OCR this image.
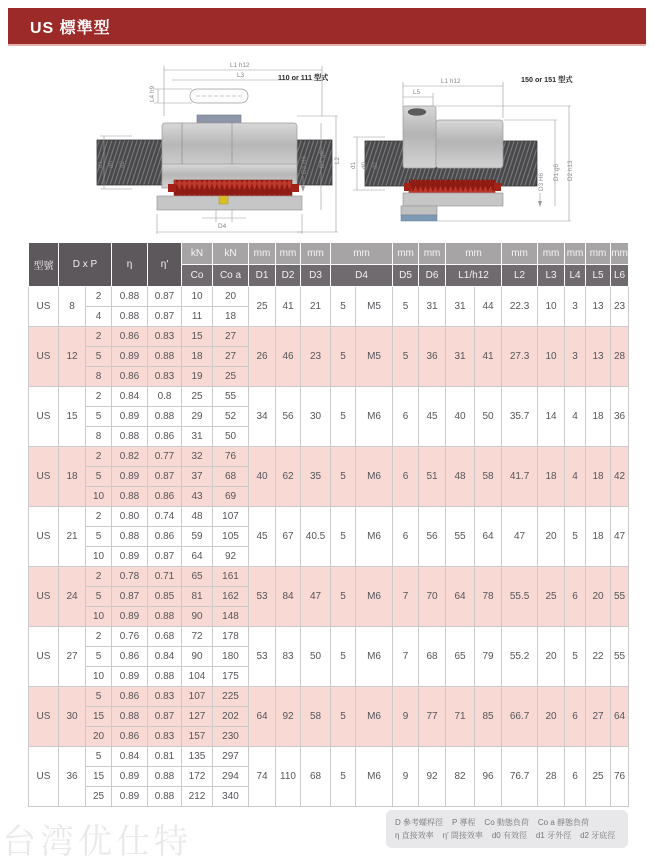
US 標準型
L1 h12
L3
L4 h9
D4
d1 d0 d2	D3 H6 D1 g6 L2
110 or 111 型式	L1 h12
L5
d1 d0 d2
D3 H6
D1 g6 D2 h13
150 or 151 型式
型號	D x P		η	η′	kN	kN	mm	mm	mm	mm		mm	mm	mm		mm	mm	mm	mm	mm
					Co	Co a	D1	D2	D3	D4		D5	D6	L1/h12		L2	L3	L4	L5	L6
US	8	2	0.88	0.87	10	20	25	41	21	5	M5	5	31	31	44	22.3	10	3	13	23
		4	0.88	0.87	11	18														
US	12	2	0.86	0.83	15	27	26	46	23	5	M5	5	36	31	41	27.3	10	3	13	28
		5	0.89	0.88	18	27														
		8	0.86	0.83	19	25														
US	15	2	0.84	0.8	25	55	34	56	30	5	M6	6	45	40	50	35.7	14	4	18	36
		5	0.89	0.88	29	52														
		8	0.88	0.86	31	50														
US	18	2	0.82	0.77	32	76	40	62	35	5	M6	6	51	48	58	41.7	18	4	18	42
		5	0.89	0.87	37	68														
		10	0.88	0.86	43	69														
US	21	2	0.80	0.74	48	107	45	67	40.5	5	M6	6	56	55	64	47	20	5	18	47
		5	0.88	0.86	59	105														
		10	0.89	0.87	64	92														
US	24	2	0.78	0.71	65	161	53	84	47	5	M6	7	70	64	78	55.5	25	6	20	55
		5	0.87	0.85	81	162														
		10	0.89	0.88	90	148														
US	27	2	0.76	0.68	72	178	53	83	50	5	M6	7	68	65	79	55.2	20	5	22	55
		5	0.86	0.84	90	180														
		10	0.89	0.88	104	175														
US	30	5	0.86	0.83	107	225	64	92	58	5	M6	9	77	71	85	66.7	20	6	27	64
		15	0.88	0.87	127	202														
		20	0.86	0.83	157	230														
US	36	5	0.84	0.81	135	297	74	110	68	5	M6	9	92	82	96	76.7	28	6	25	76
		15	0.89	0.88	172	294														
		25	0.89	0.88	212	340														
D 參考螺桿徑 P 導程 Co 動態負荷 Co a 靜態負荷
η 直接效率 η′ 間接效率 d0 有效徑 d1 牙外徑 d2 牙底徑
台湾优仕特
